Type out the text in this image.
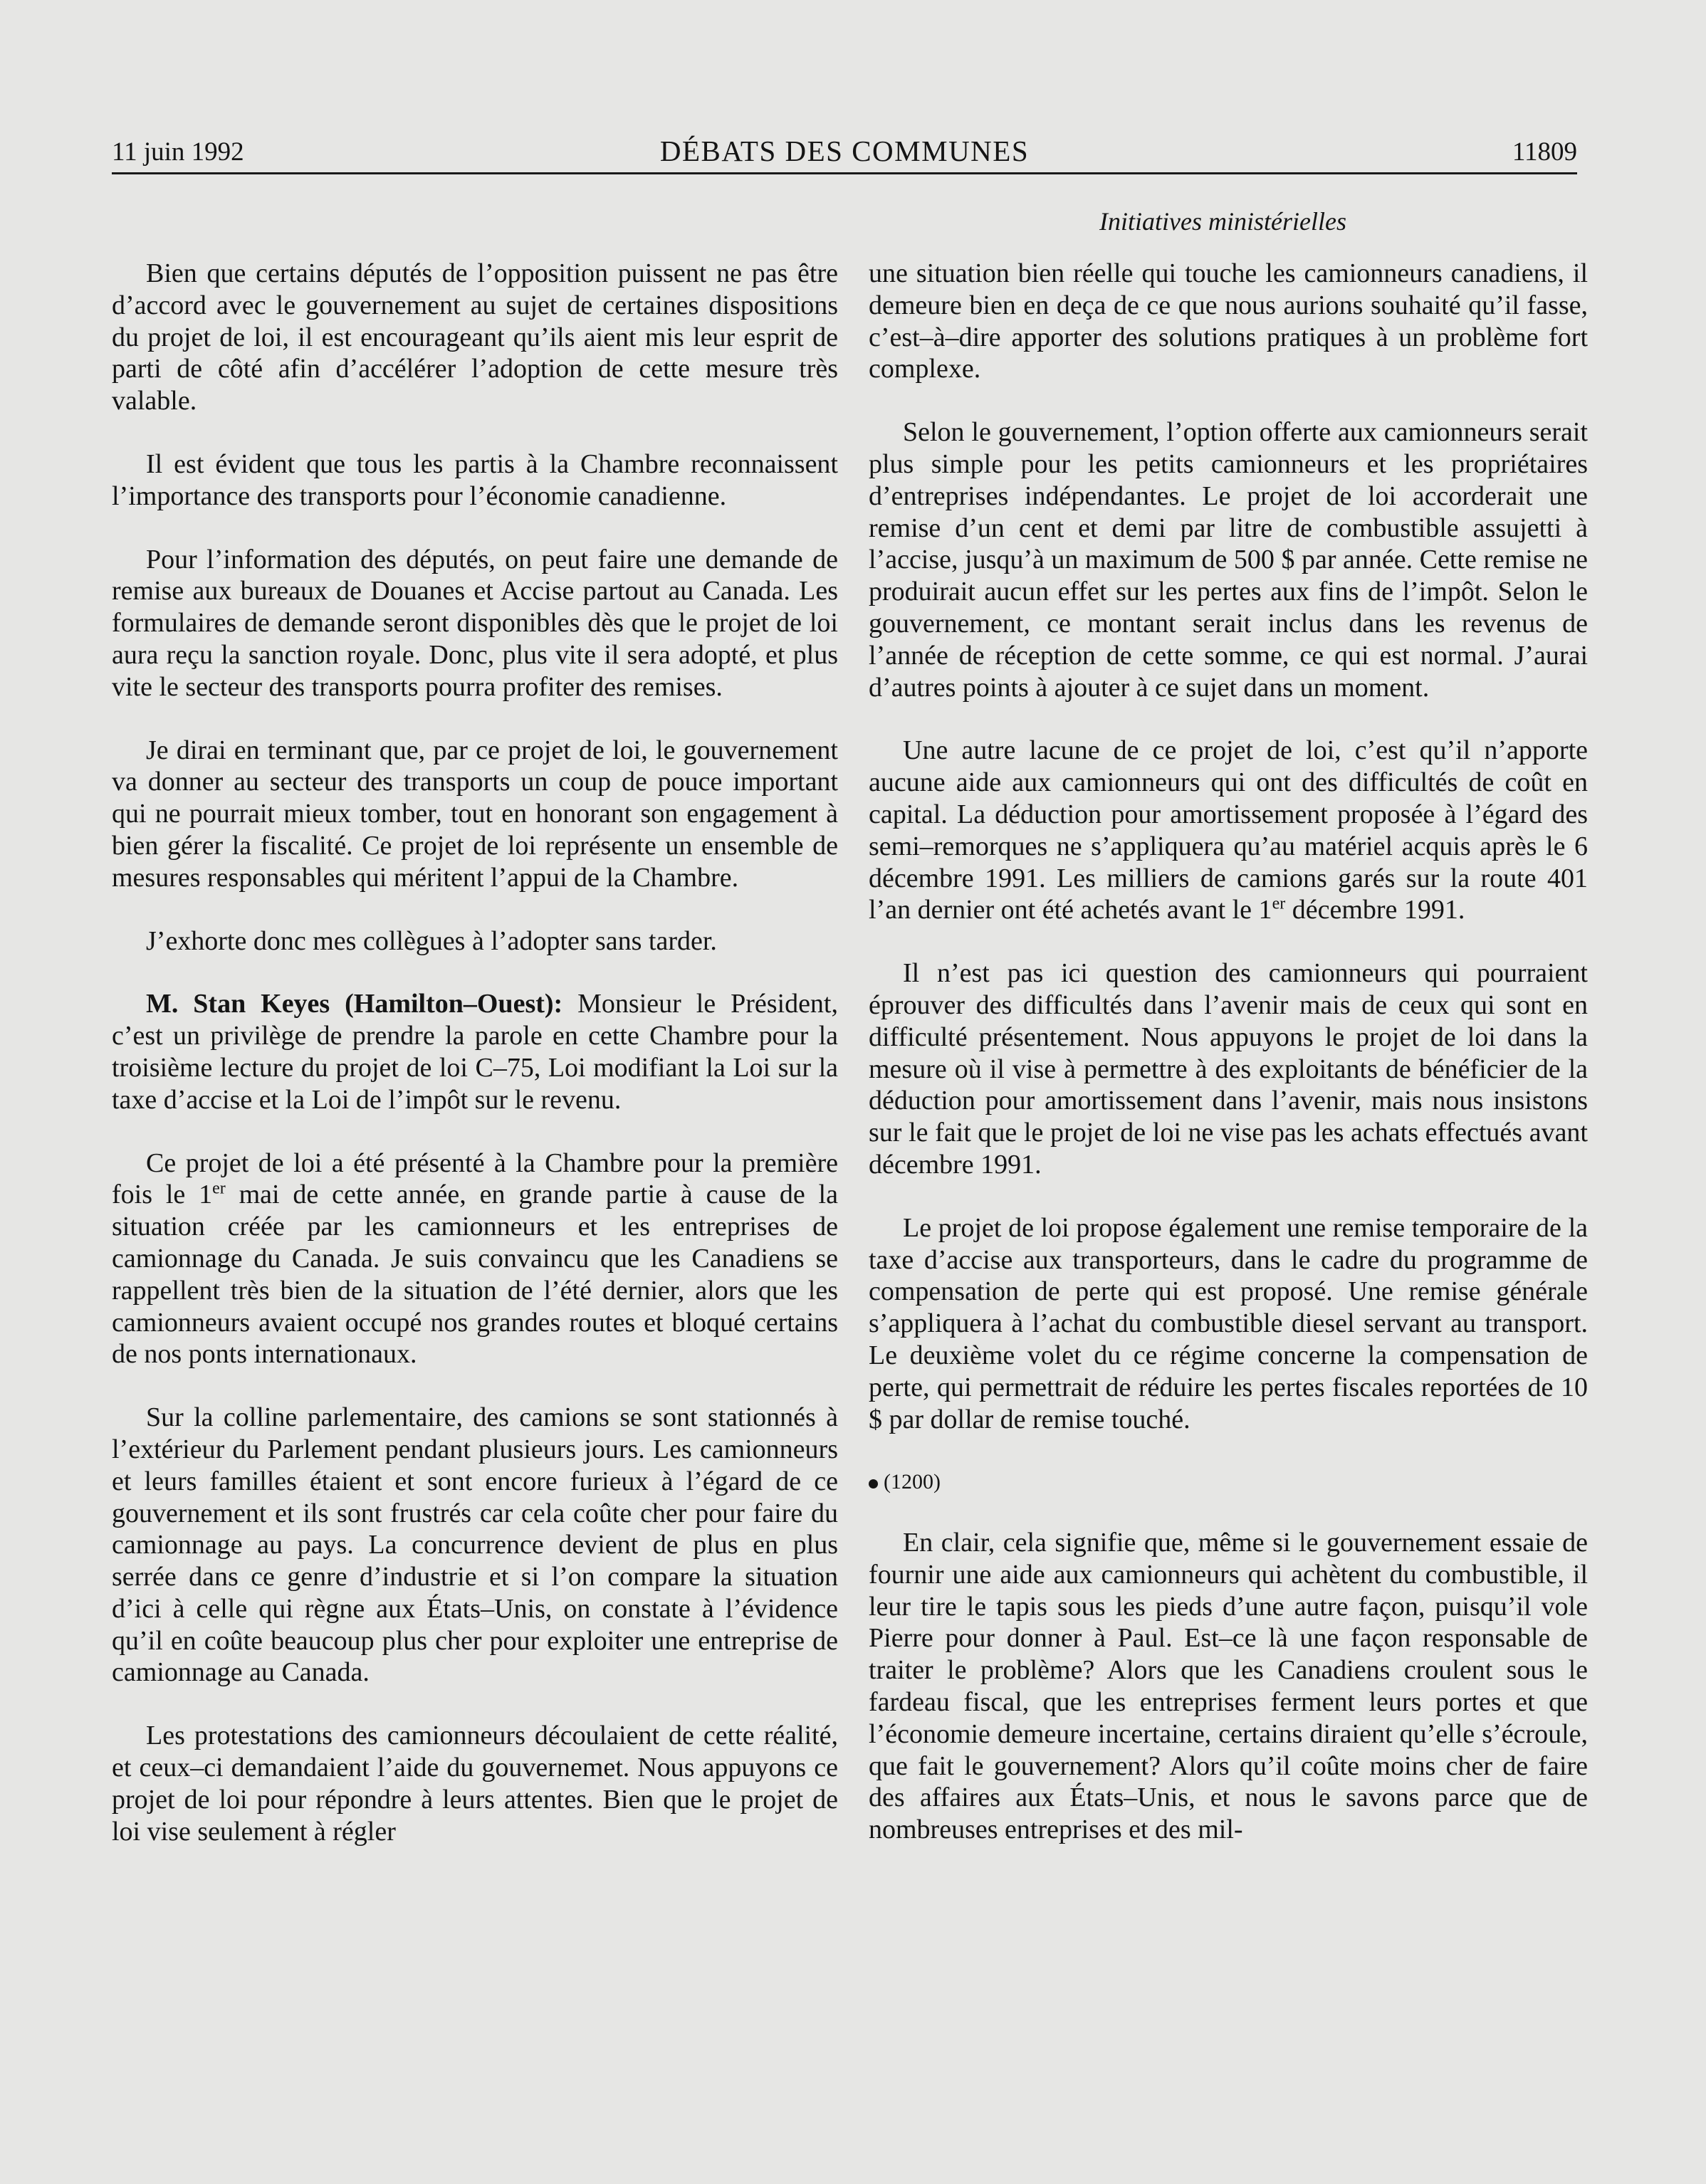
11 juin 1992	DÉBATS DES COMMUNES	11809
Initiatives ministérielles

Bien que certains députés de l’opposition puissent ne pas être d’accord avec le gouvernement au sujet de certaines dispositions du projet de loi, il est encourageant qu’ils aient mis leur esprit de parti de côté afin d’accélérer l’adoption de cette mesure très valable.

Il est évident que tous les partis à la Chambre reconnaissent l’importance des transports pour l’économie canadienne.

Pour l’information des députés, on peut faire une demande de remise aux bureaux de Douanes et Accise partout au Canada. Les formulaires de demande seront disponibles dès que le projet de loi aura reçu la sanction royale. Donc, plus vite il sera adopté, et plus vite le secteur des transports pourra profiter des remises.

Je dirai en terminant que, par ce projet de loi, le gouvernement va donner au secteur des transports un coup de pouce important qui ne pourrait mieux tomber, tout en honorant son engagement à bien gérer la fiscalité. Ce projet de loi représente un ensemble de mesures responsables qui méritent l’appui de la Chambre.

J’exhorte donc mes collègues à l’adopter sans tarder.

M. Stan Keyes (Hamilton–Ouest): Monsieur le Président, c’est un privilège de prendre la parole en cette Chambre pour la troisième lecture du projet de loi C–75, Loi modifiant la Loi sur la taxe d’accise et la Loi de l’impôt sur le revenu.

Ce projet de loi a été présenté à la Chambre pour la première fois le 1er mai de cette année, en grande partie à cause de la situation créée par les camionneurs et les entreprises de camionnage du Canada. Je suis convaincu que les Canadiens se rappellent très bien de la situation de l’été dernier, alors que les camionneurs avaient occupé nos grandes routes et bloqué certains de nos ponts internationaux.

Sur la colline parlementaire, des camions se sont stationnés à l’extérieur du Parlement pendant plusieurs jours. Les camionneurs et leurs familles étaient et sont encore furieux à l’égard de ce gouvernement et ils sont frustrés car cela coûte cher pour faire du camionnage au pays. La concurrence devient de plus en plus serrée dans ce genre d’industrie et si l’on compare la situation d’ici à celle qui règne aux États–Unis, on constate à l’évidence qu’il en coûte beaucoup plus cher pour exploiter une entreprise de camionnage au Canada.

Les protestations des camionneurs découlaient de cette réalité, et ceux–ci demandaient l’aide du gouvernemet. Nous appuyons ce projet de loi pour répondre à leurs attentes. Bien que le projet de loi vise seulement à régler

une situation bien réelle qui touche les camionneurs canadiens, il demeure bien en deça de ce que nous aurions souhaité qu’il fasse, c’est–à–dire apporter des solutions pratiques à un problème fort complexe.

Selon le gouvernement, l’option offerte aux camionneurs serait plus simple pour les petits camionneurs et les propriétaires d’entreprises indépendantes. Le projet de loi accorderait une remise d’un cent et demi par litre de combustible assujetti à l’accise, jusqu’à un maximum de 500 $ par année. Cette remise ne produirait aucun effet sur les pertes aux fins de l’impôt. Selon le gouvernement, ce montant serait inclus dans les revenus de l’année de réception de cette somme, ce qui est normal. J’aurai d’autres points à ajouter à ce sujet dans un moment.

Une autre lacune de ce projet de loi, c’est qu’il n’apporte aucune aide aux camionneurs qui ont des difficultés de coût en capital. La déduction pour amortissement proposée à l’égard des semi–remorques ne s’appliquera qu’au matériel acquis après le 6 décembre 1991. Les milliers de camions garés sur la route 401 l’an dernier ont été achetés avant le 1er décembre 1991.

Il n’est pas ici question des camionneurs qui pourraient éprouver des difficultés dans l’avenir mais de ceux qui sont en difficulté présentement. Nous appuyons le projet de loi dans la mesure où il vise à permettre à des exploitants de bénéficier de la déduction pour amortissement dans l’avenir, mais nous insistons sur le fait que le projet de loi ne vise pas les achats effectués avant décembre 1991.

Le projet de loi propose également une remise temporaire de la taxe d’accise aux transporteurs, dans le cadre du programme de compensation de perte qui est proposé. Une remise générale s’appliquera à l’achat du combustible diesel servant au transport. Le deuxième volet du ce régime concerne la compensation de perte, qui permettrait de réduire les pertes fiscales reportées de 10 $ par dollar de remise touché.

(1200)

En clair, cela signifie que, même si le gouvernement essaie de fournir une aide aux camionneurs qui achètent du combustible, il leur tire le tapis sous les pieds d’une autre façon, puisqu’il vole Pierre pour donner à Paul. Est–ce là une façon responsable de traiter le problème? Alors que les Canadiens croulent sous le fardeau fiscal, que les entreprises ferment leurs portes et que l’économie demeure incertaine, certains diraient qu’elle s’écroule, que fait le gouvernement? Alors qu’il coûte moins cher de faire des affaires aux États–Unis, et nous le savons parce que de nombreuses entreprises et des mil-
